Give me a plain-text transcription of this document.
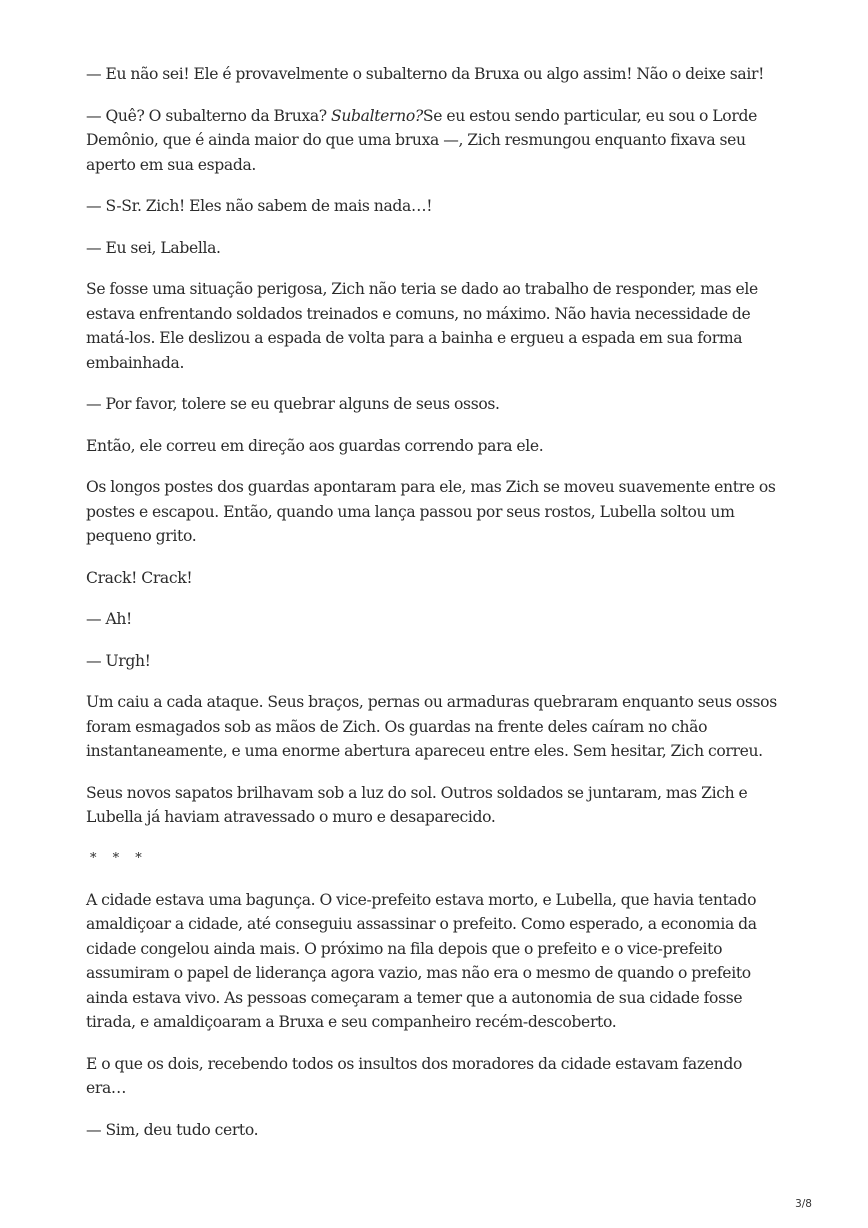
— Eu não sei! Ele é provavelmente o subalterno da Bruxa ou algo assim! Não o deixe sair!

— Quê? O subalterno da Bruxa? Subalterno?Se eu estou sendo particular, eu sou o Lorde Demônio, que é ainda maior do que uma bruxa —, Zich resmungou enquanto fixava seu aperto em sua espada.

— S-Sr. Zich! Eles não sabem de mais nada…!

— Eu sei, Labella.

Se fosse uma situação perigosa, Zich não teria se dado ao trabalho de responder, mas ele estava enfrentando soldados treinados e comuns, no máximo. Não havia necessidade de matá-los. Ele deslizou a espada de volta para a bainha e ergueu a espada em sua forma embainhada.

— Por favor, tolere se eu quebrar alguns de seus ossos.

Então, ele correu em direção aos guardas correndo para ele.

Os longos postes dos guardas apontaram para ele, mas Zich se moveu suavemente entre os postes e escapou. Então, quando uma lança passou por seus rostos, Lubella soltou um pequeno grito.

Crack! Crack!

— Ah!

— Urgh!

Um caiu a cada ataque. Seus braços, pernas ou armaduras quebraram enquanto seus ossos foram esmagados sob as mãos de Zich. Os guardas na frente deles caíram no chão instantaneamente, e uma enorme abertura apareceu entre eles. Sem hesitar, Zich correu.

Seus novos sapatos brilhavam sob a luz do sol. Outros soldados se juntaram, mas Zich e Lubella já haviam atravessado o muro e desaparecido.

* * *

A cidade estava uma bagunça. O vice-prefeito estava morto, e Lubella, que havia tentado amaldiçoar a cidade, até conseguiu assassinar o prefeito. Como esperado, a economia da cidade congelou ainda mais. O próximo na fila depois que o prefeito e o vice-prefeito assumiram o papel de liderança agora vazio, mas não era o mesmo de quando o prefeito ainda estava vivo. As pessoas começaram a temer que a autonomia de sua cidade fosse tirada, e amaldiçoaram a Bruxa e seu companheiro recém-descoberto.

E o que os dois, recebendo todos os insultos dos moradores da cidade estavam fazendo era…

— Sim, deu tudo certo.

3/8
